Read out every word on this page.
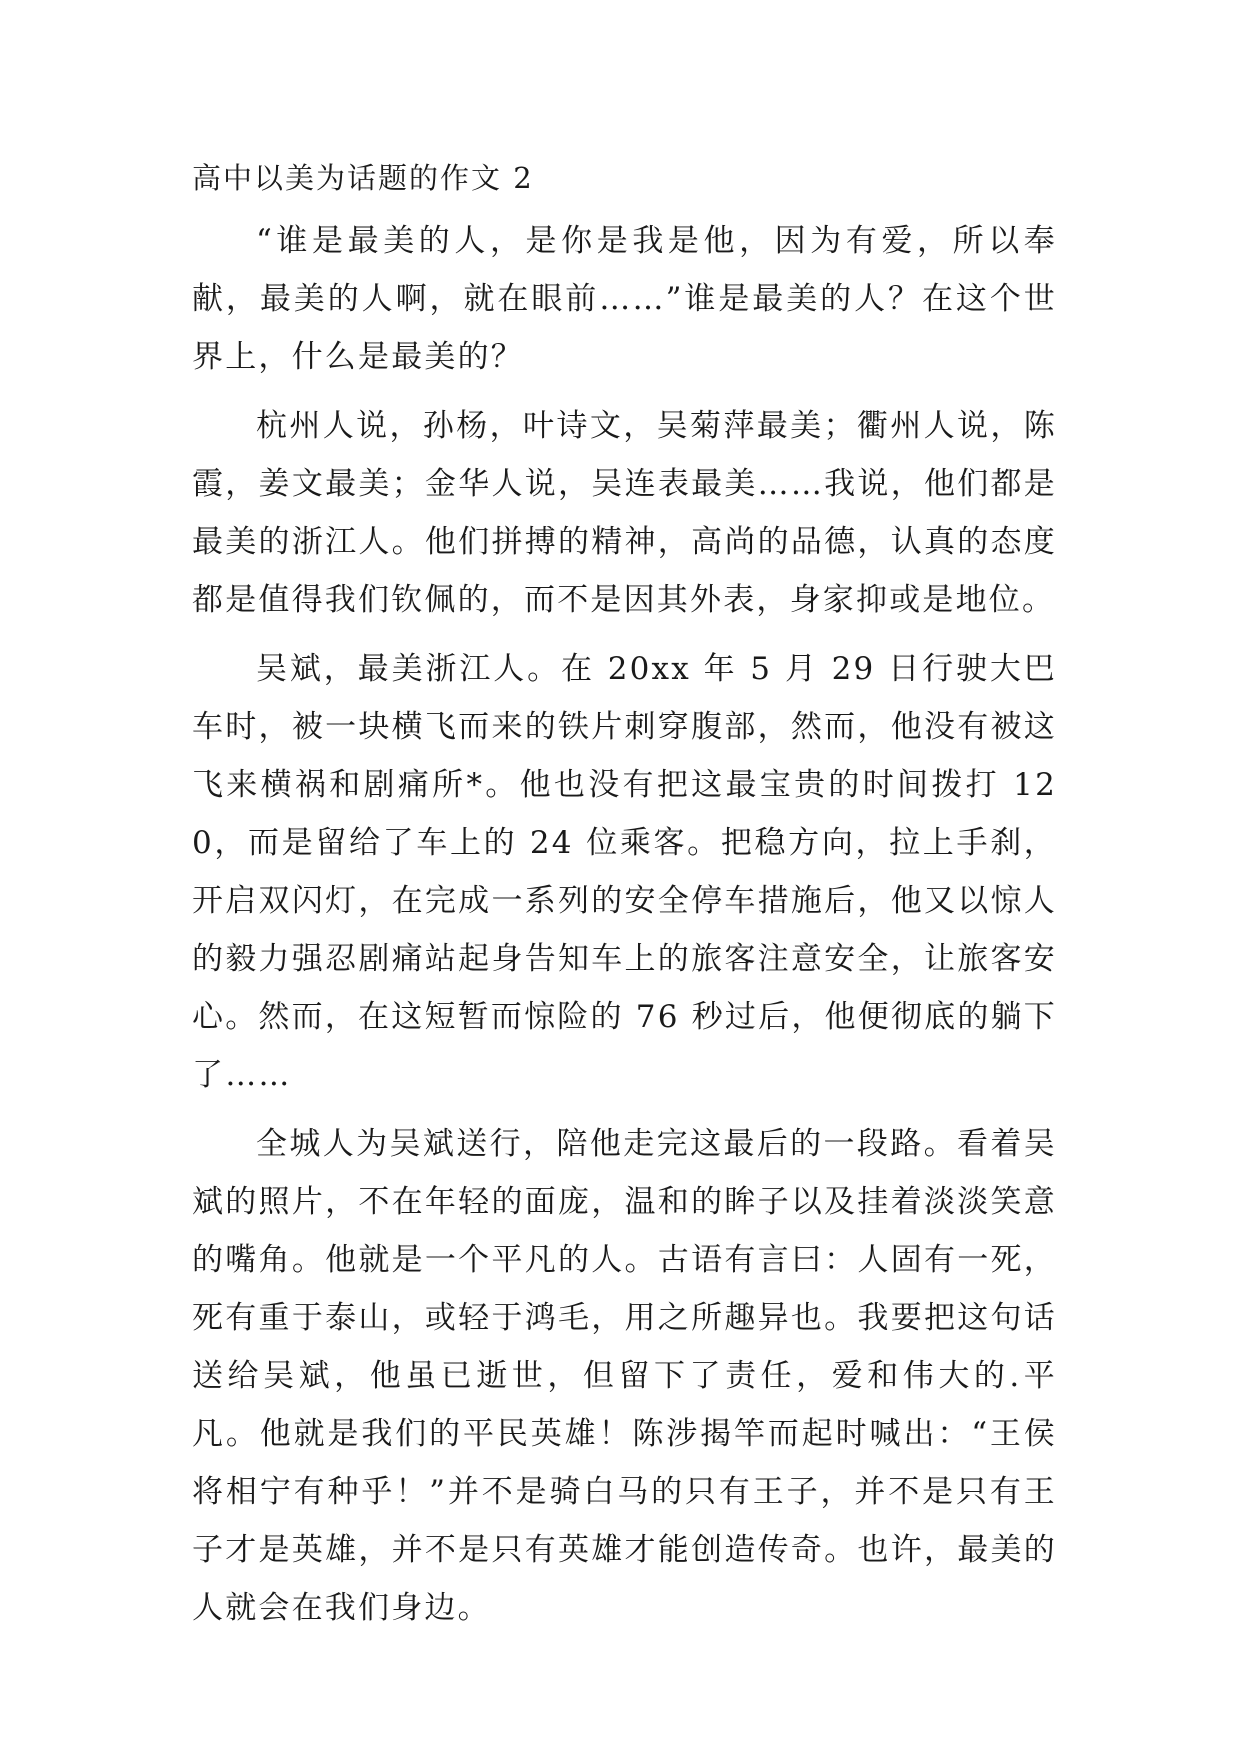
高中以美为话题的作文 2

“谁是最美的人，是你是我是他，因为有爱，所以奉献，最美的人啊，就在眼前……”谁是最美的人？在这个世界上，什么是最美的？

杭州人说，孙杨，叶诗文，吴菊萍最美；衢州人说，陈霞，姜文最美；金华人说，吴连表最美……我说，他们都是最美的浙江人。他们拼搏的精神，高尚的品德，认真的态度都是值得我们钦佩的，而不是因其外表，身家抑或是地位。

吴斌，最美浙江人。在 20xx 年 5 月 29 日行驶大巴车时，被一块横飞而来的铁片刺穿腹部，然而，他没有被这飞来横祸和剧痛所*。他也没有把这最宝贵的时间拨打 120，而是留给了车上的 24 位乘客。把稳方向，拉上手刹，开启双闪灯，在完成一系列的安全停车措施后，他又以惊人的毅力强忍剧痛站起身告知车上的旅客注意安全，让旅客安心。然而，在这短暂而惊险的 76 秒过后，他便彻底的躺下了……

全城人为吴斌送行，陪他走完这最后的一段路。看着吴斌的照片，不在年轻的面庞，温和的眸子以及挂着淡淡笑意的嘴角。他就是一个平凡的人。古语有言曰：人固有一死，死有重于泰山，或轻于鸿毛，用之所趣异也。我要把这句话送给吴斌，他虽已逝世，但留下了责任，爱和伟大的.平凡。他就是我们的平民英雄！陈涉揭竿而起时喊出：“王侯将相宁有种乎！”并不是骑白马的只有王子，并不是只有王子才是英雄，并不是只有英雄才能创造传奇。也许，最美的人就会在我们身边。
